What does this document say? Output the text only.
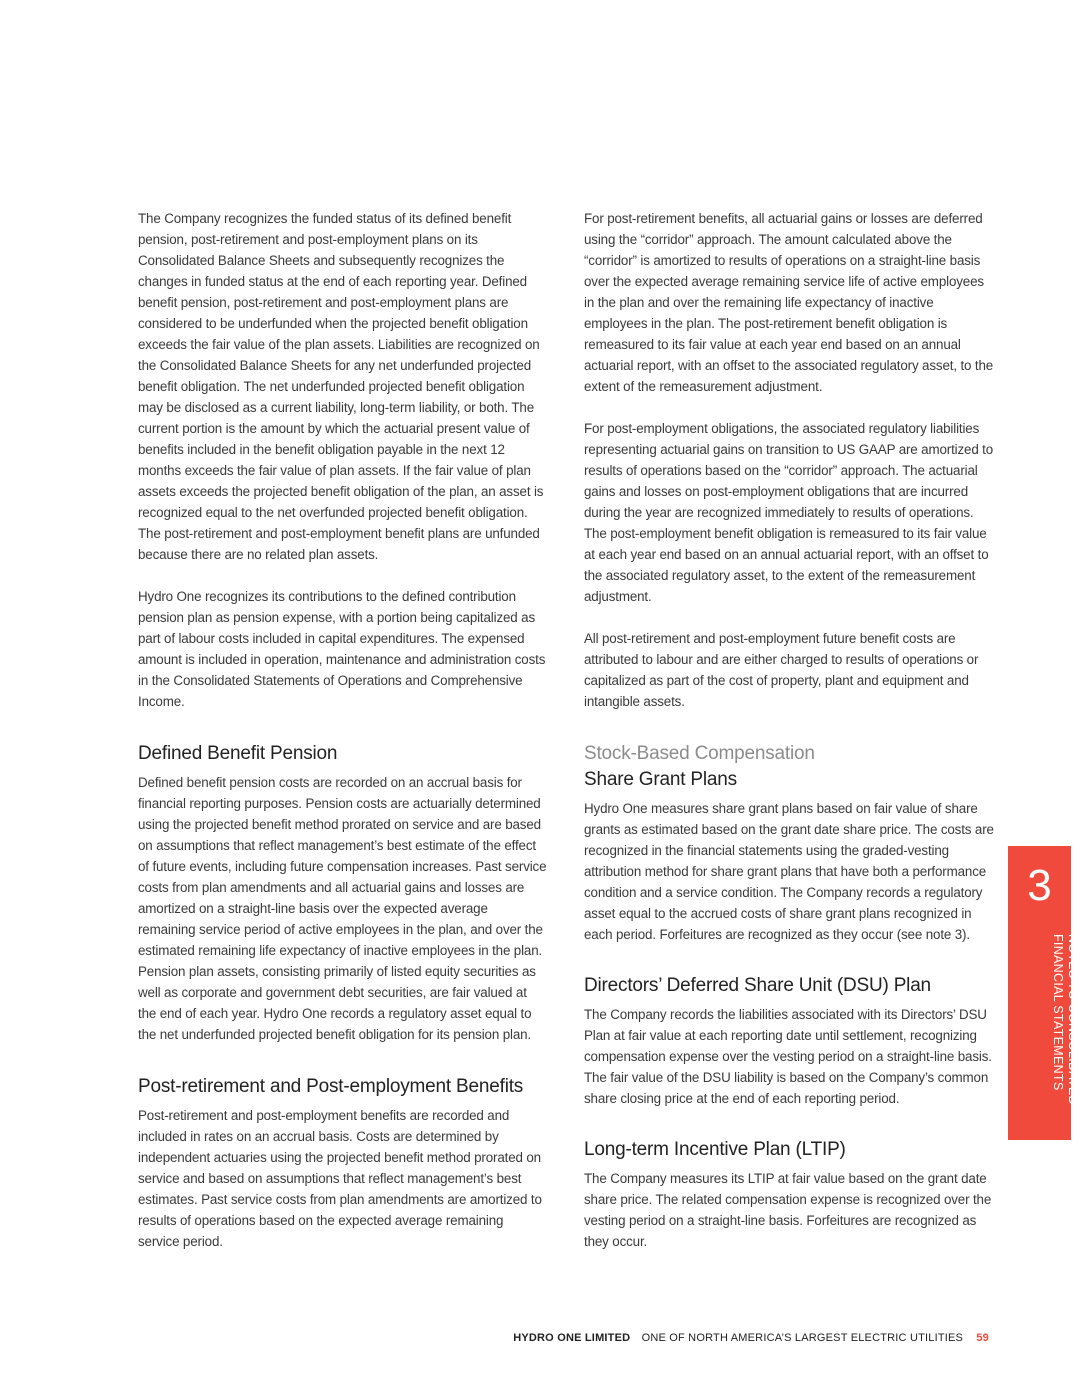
The Company recognizes the funded status of its defined benefit pension, post-retirement and post-employment plans on its Consolidated Balance Sheets and subsequently recognizes the changes in funded status at the end of each reporting year. Defined benefit pension, post-retirement and post-employment plans are considered to be underfunded when the projected benefit obligation exceeds the fair value of the plan assets. Liabilities are recognized on the Consolidated Balance Sheets for any net underfunded projected benefit obligation. The net underfunded projected benefit obligation may be disclosed as a current liability, long-term liability, or both. The current portion is the amount by which the actuarial present value of benefits included in the benefit obligation payable in the next 12 months exceeds the fair value of plan assets. If the fair value of plan assets exceeds the projected benefit obligation of the plan, an asset is recognized equal to the net overfunded projected benefit obligation. The post-retirement and post-employment benefit plans are unfunded because there are no related plan assets.

Hydro One recognizes its contributions to the defined contribution pension plan as pension expense, with a portion being capitalized as part of labour costs included in capital expenditures. The expensed amount is included in operation, maintenance and administration costs in the Consolidated Statements of Operations and Comprehensive Income.

Defined Benefit Pension

Defined benefit pension costs are recorded on an accrual basis for financial reporting purposes. Pension costs are actuarially determined using the projected benefit method prorated on service and are based on assumptions that reflect management’s best estimate of the effect of future events, including future compensation increases. Past service costs from plan amendments and all actuarial gains and losses are amortized on a straight-line basis over the expected average remaining service period of active employees in the plan, and over the estimated remaining life expectancy of inactive employees in the plan. Pension plan assets, consisting primarily of listed equity securities as well as corporate and government debt securities, are fair valued at the end of each year. Hydro One records a regulatory asset equal to the net underfunded projected benefit obligation for its pension plan.

Post-retirement and Post-employment Benefits

Post-retirement and post-employment benefits are recorded and included in rates on an accrual basis. Costs are determined by independent actuaries using the projected benefit method prorated on service and based on assumptions that reflect management’s best estimates. Past service costs from plan amendments are amortized to results of operations based on the expected average remaining service period.

For post-retirement benefits, all actuarial gains or losses are deferred using the “corridor” approach. The amount calculated above the “corridor” is amortized to results of operations on a straight-line basis over the expected average remaining service life of active employees in the plan and over the remaining life expectancy of inactive employees in the plan. The post-retirement benefit obligation is remeasured to its fair value at each year end based on an annual actuarial report, with an offset to the associated regulatory asset, to the extent of the remeasurement adjustment.

For post-employment obligations, the associated regulatory liabilities representing actuarial gains on transition to US GAAP are amortized to results of operations based on the “corridor” approach. The actuarial gains and losses on post-employment obligations that are incurred during the year are recognized immediately to results of operations. The post-employment benefit obligation is remeasured to its fair value at each year end based on an annual actuarial report, with an offset to the associated regulatory asset, to the extent of the remeasurement adjustment.

All post-retirement and post-employment future benefit costs are attributed to labour and are either charged to results of operations or capitalized as part of the cost of property, plant and equipment and intangible assets.

Stock-Based Compensation
Share Grant Plans

Hydro One measures share grant plans based on fair value of share grants as estimated based on the grant date share price. The costs are recognized in the financial statements using the graded-vesting attribution method for share grant plans that have both a performance condition and a service condition. The Company records a regulatory asset equal to the accrued costs of share grant plans recognized in each period. Forfeitures are recognized as they occur (see note 3).

Directors’ Deferred Share Unit (DSU) Plan

The Company records the liabilities associated with its Directors’ DSU Plan at fair value at each reporting date until settlement, recognizing compensation expense over the vesting period on a straight-line basis. The fair value of the DSU liability is based on the Company’s common share closing price at the end of each reporting period.

Long-term Incentive Plan (LTIP)

The Company measures its LTIP at fair value based on the grant date share price. The related compensation expense is recognized over the vesting period on a straight-line basis. Forfeitures are recognized as they occur.

3
NOTES TO CONSOLIDATED
FINANCIAL STATEMENTS
HYDRO ONE LIMITED ONE OF NORTH AMERICA’S LARGEST ELECTRIC UTILITIES 59
